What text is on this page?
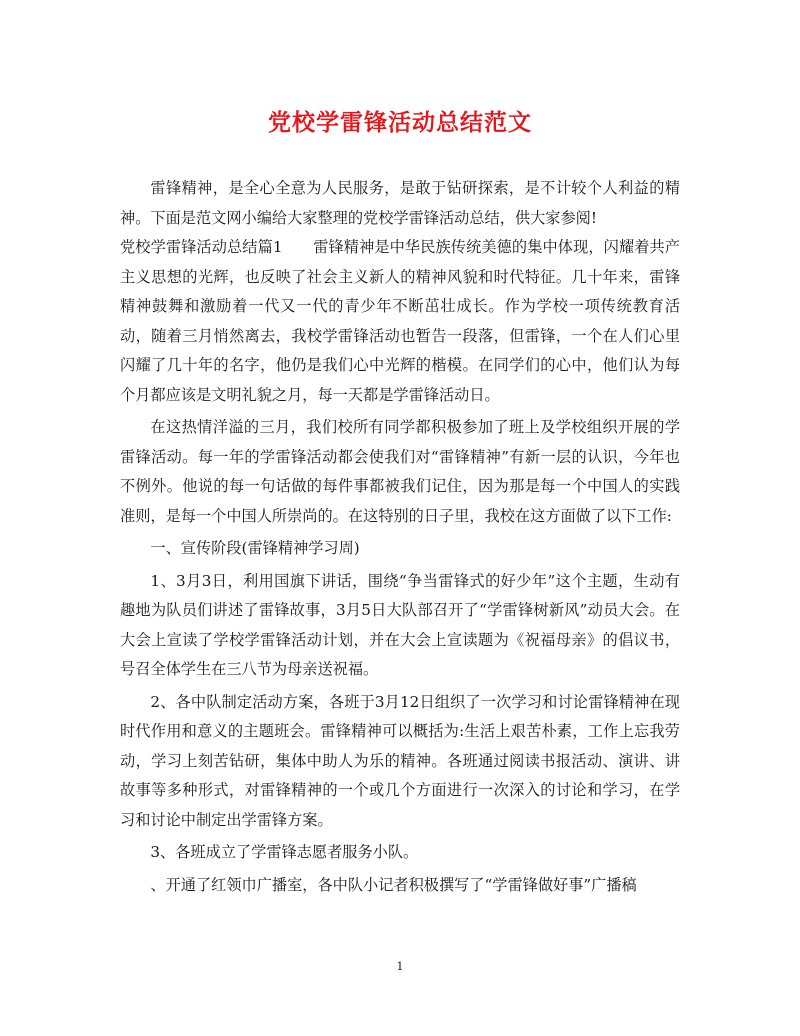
党校学雷锋活动总结范文

雷锋精神，是全心全意为人民服务，是敢于钻研探索，是不计较个人利益的精神。下面是范文网小编给大家整理的党校学雷锋活动总结，供大家参阅!

党校学雷锋活动总结篇1　　雷锋精神是中华民族传统美德的集中体现，闪耀着共产主义思想的光辉，也反映了社会主义新人的精神风貌和时代特征。几十年来，雷锋精神鼓舞和激励着一代又一代的青少年不断茁壮成长。作为学校一项传统教育活动，随着三月悄然离去，我校学雷锋活动也暂告一段落，但雷锋，一个在人们心里闪耀了几十年的名字，他仍是我们心中光辉的楷模。在同学们的心中，他们认为每个月都应该是文明礼貌之月，每一天都是学雷锋活动日。

在这热情洋溢的三月，我们校所有同学都积极参加了班上及学校组织开展的学雷锋活动。每一年的学雷锋活动都会使我们对“雷锋精神”有新一层的认识，今年也不例外。他说的每一句话做的每件事都被我们记住，因为那是每一个中国人的实践准则，是每一个中国人所崇尚的。在这特别的日子里，我校在这方面做了以下工作:

一、宣传阶段(雷锋精神学习周)

1、3月3日，利用国旗下讲话，围绕“争当雷锋式的好少年”这个主题，生动有趣地为队员们讲述了雷锋故事，3月5日大队部召开了“学雷锋树新风”动员大会。在大会上宣读了学校学雷锋活动计划，并在大会上宣读题为《祝福母亲》的倡议书，号召全体学生在三八节为母亲送祝福。

2、各中队制定活动方案，各班于3月12日组织了一次学习和讨论雷锋精神在现时代作用和意义的主题班会。雷锋精神可以概括为:生活上艰苦朴素，工作上忘我劳动，学习上刻苦钻研，集体中助人为乐的精神。各班通过阅读书报活动、演讲、讲故事等多种形式，对雷锋精神的一个或几个方面进行一次深入的讨论和学习，在学习和讨论中制定出学雷锋方案。

3、各班成立了学雷锋志愿者服务小队。

、开通了红领巾广播室，各中队小记者积极撰写了“学雷锋做好事”广播稿

1
